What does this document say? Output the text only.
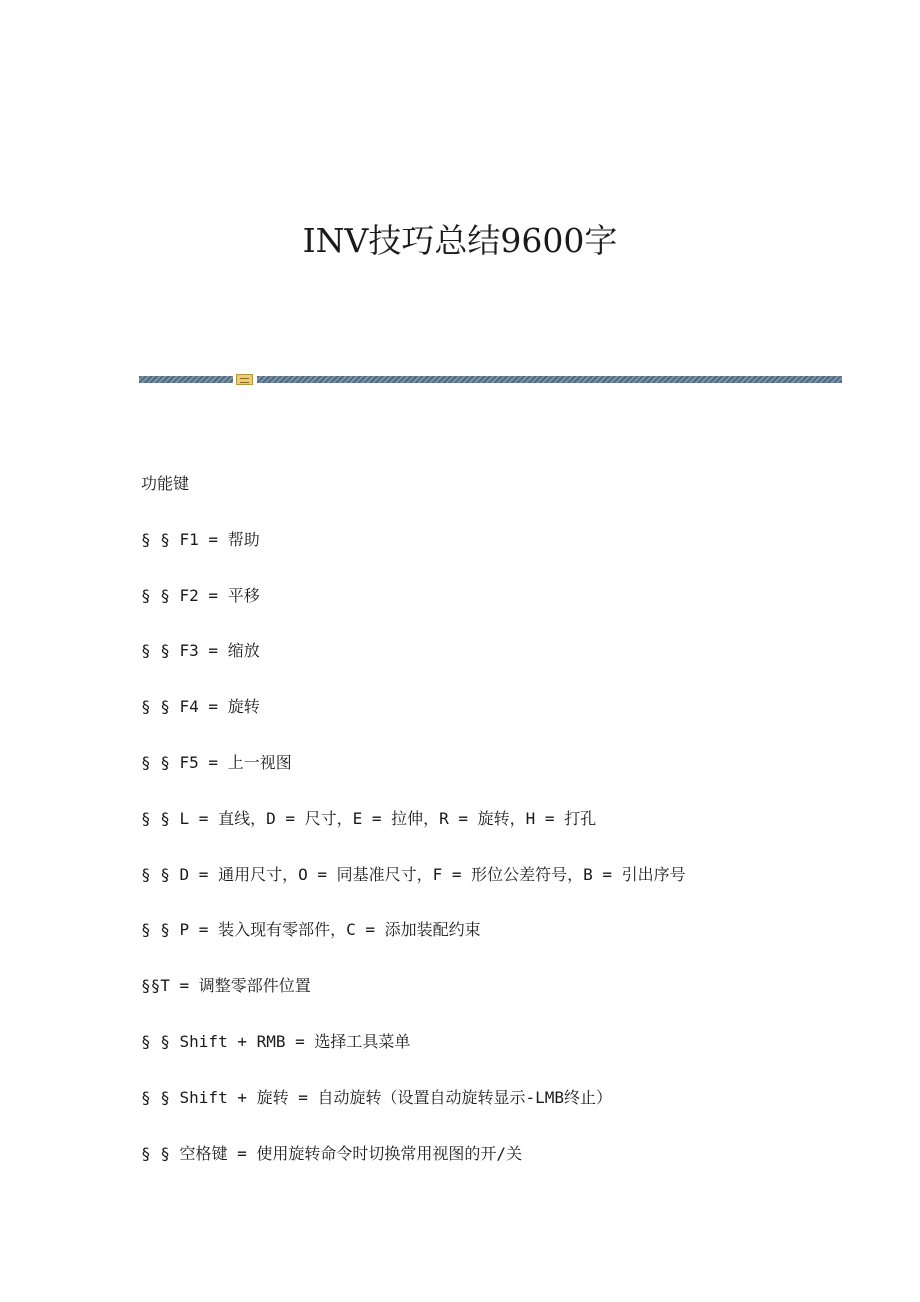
INV技巧总结9600字
功能键
§ § F1 = 帮助
§ § F2 = 平移
§ § F3 = 缩放
§ § F4 = 旋转
§ § F5 = 上一视图
§ § L = 直线，D = 尺寸，E = 拉伸，R = 旋转，H = 打孔
§ § D = 通用尺寸，O = 同基准尺寸，F = 形位公差符号，B = 引出序号
§ § P = 装入现有零部件，C = 添加装配约束
§§T = 调整零部件位置
§ § Shift + RMB = 选择工具菜单
§ § Shift + 旋转 = 自动旋转（设置自动旋转显示-LMB终止）
§ § 空格键 = 使用旋转命令时切换常用视图的开/关
